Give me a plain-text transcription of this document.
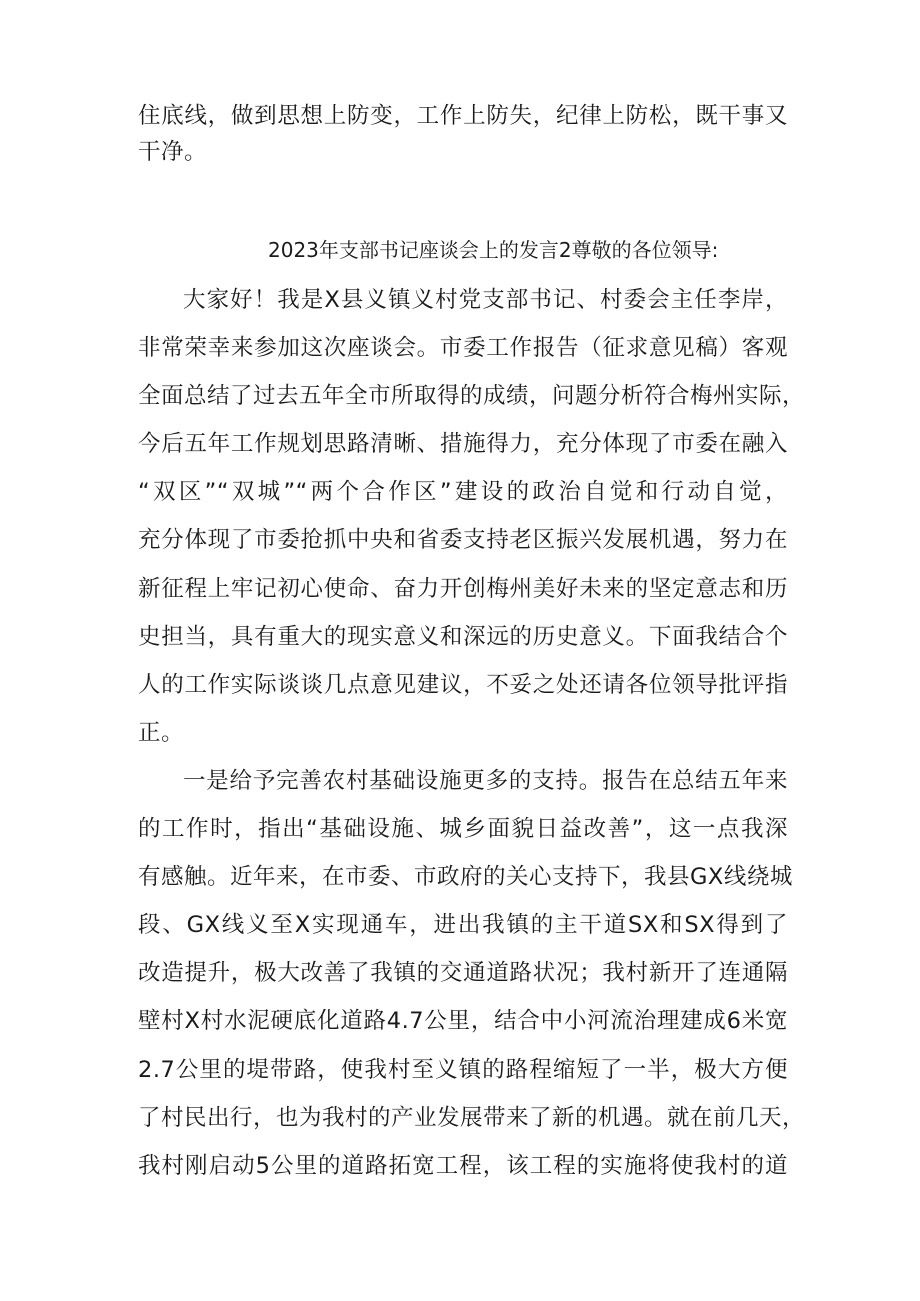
住底线，做到思想上防变，工作上防失，纪律上防松，既干事又
干净。
2023年支部书记座谈会上的发言2尊敬的各位领导:
大家好！我是X县义镇义村党支部书记、村委会主任李岸，
非常荣幸来参加这次座谈会。市委工作报告（征求意见稿）客观
全面总结了过去五年全市所取得的成绩，问题分析符合梅州实际，
今后五年工作规划思路清晰、措施得力，充分体现了市委在融入
“双区”“双城”“两个合作区”建设的政治自觉和行动自觉，
充分体现了市委抢抓中央和省委支持老区振兴发展机遇，努力在
新征程上牢记初心使命、奋力开创梅州美好未来的坚定意志和历
史担当，具有重大的现实意义和深远的历史意义。下面我结合个
人的工作实际谈谈几点意见建议，不妥之处还请各位领导批评指
正。
一是给予完善农村基础设施更多的支持。报告在总结五年来
的工作时，指出“基础设施、城乡面貌日益改善”，这一点我深
有感触。近年来，在市委、市政府的关心支持下，我县GX线绕城
段、GX线义至X实现通车，进出我镇的主干道SX和SX得到了
改造提升，极大改善了我镇的交通道路状况；我村新开了连通隔
壁村X村水泥硬底化道路4.7公里，结合中小河流治理建成6米宽
2.7公里的堤带路，使我村至义镇的路程缩短了一半，极大方便
了村民出行，也为我村的产业发展带来了新的机遇。就在前几天，
我村刚启动5公里的道路拓宽工程，该工程的实施将使我村的道
